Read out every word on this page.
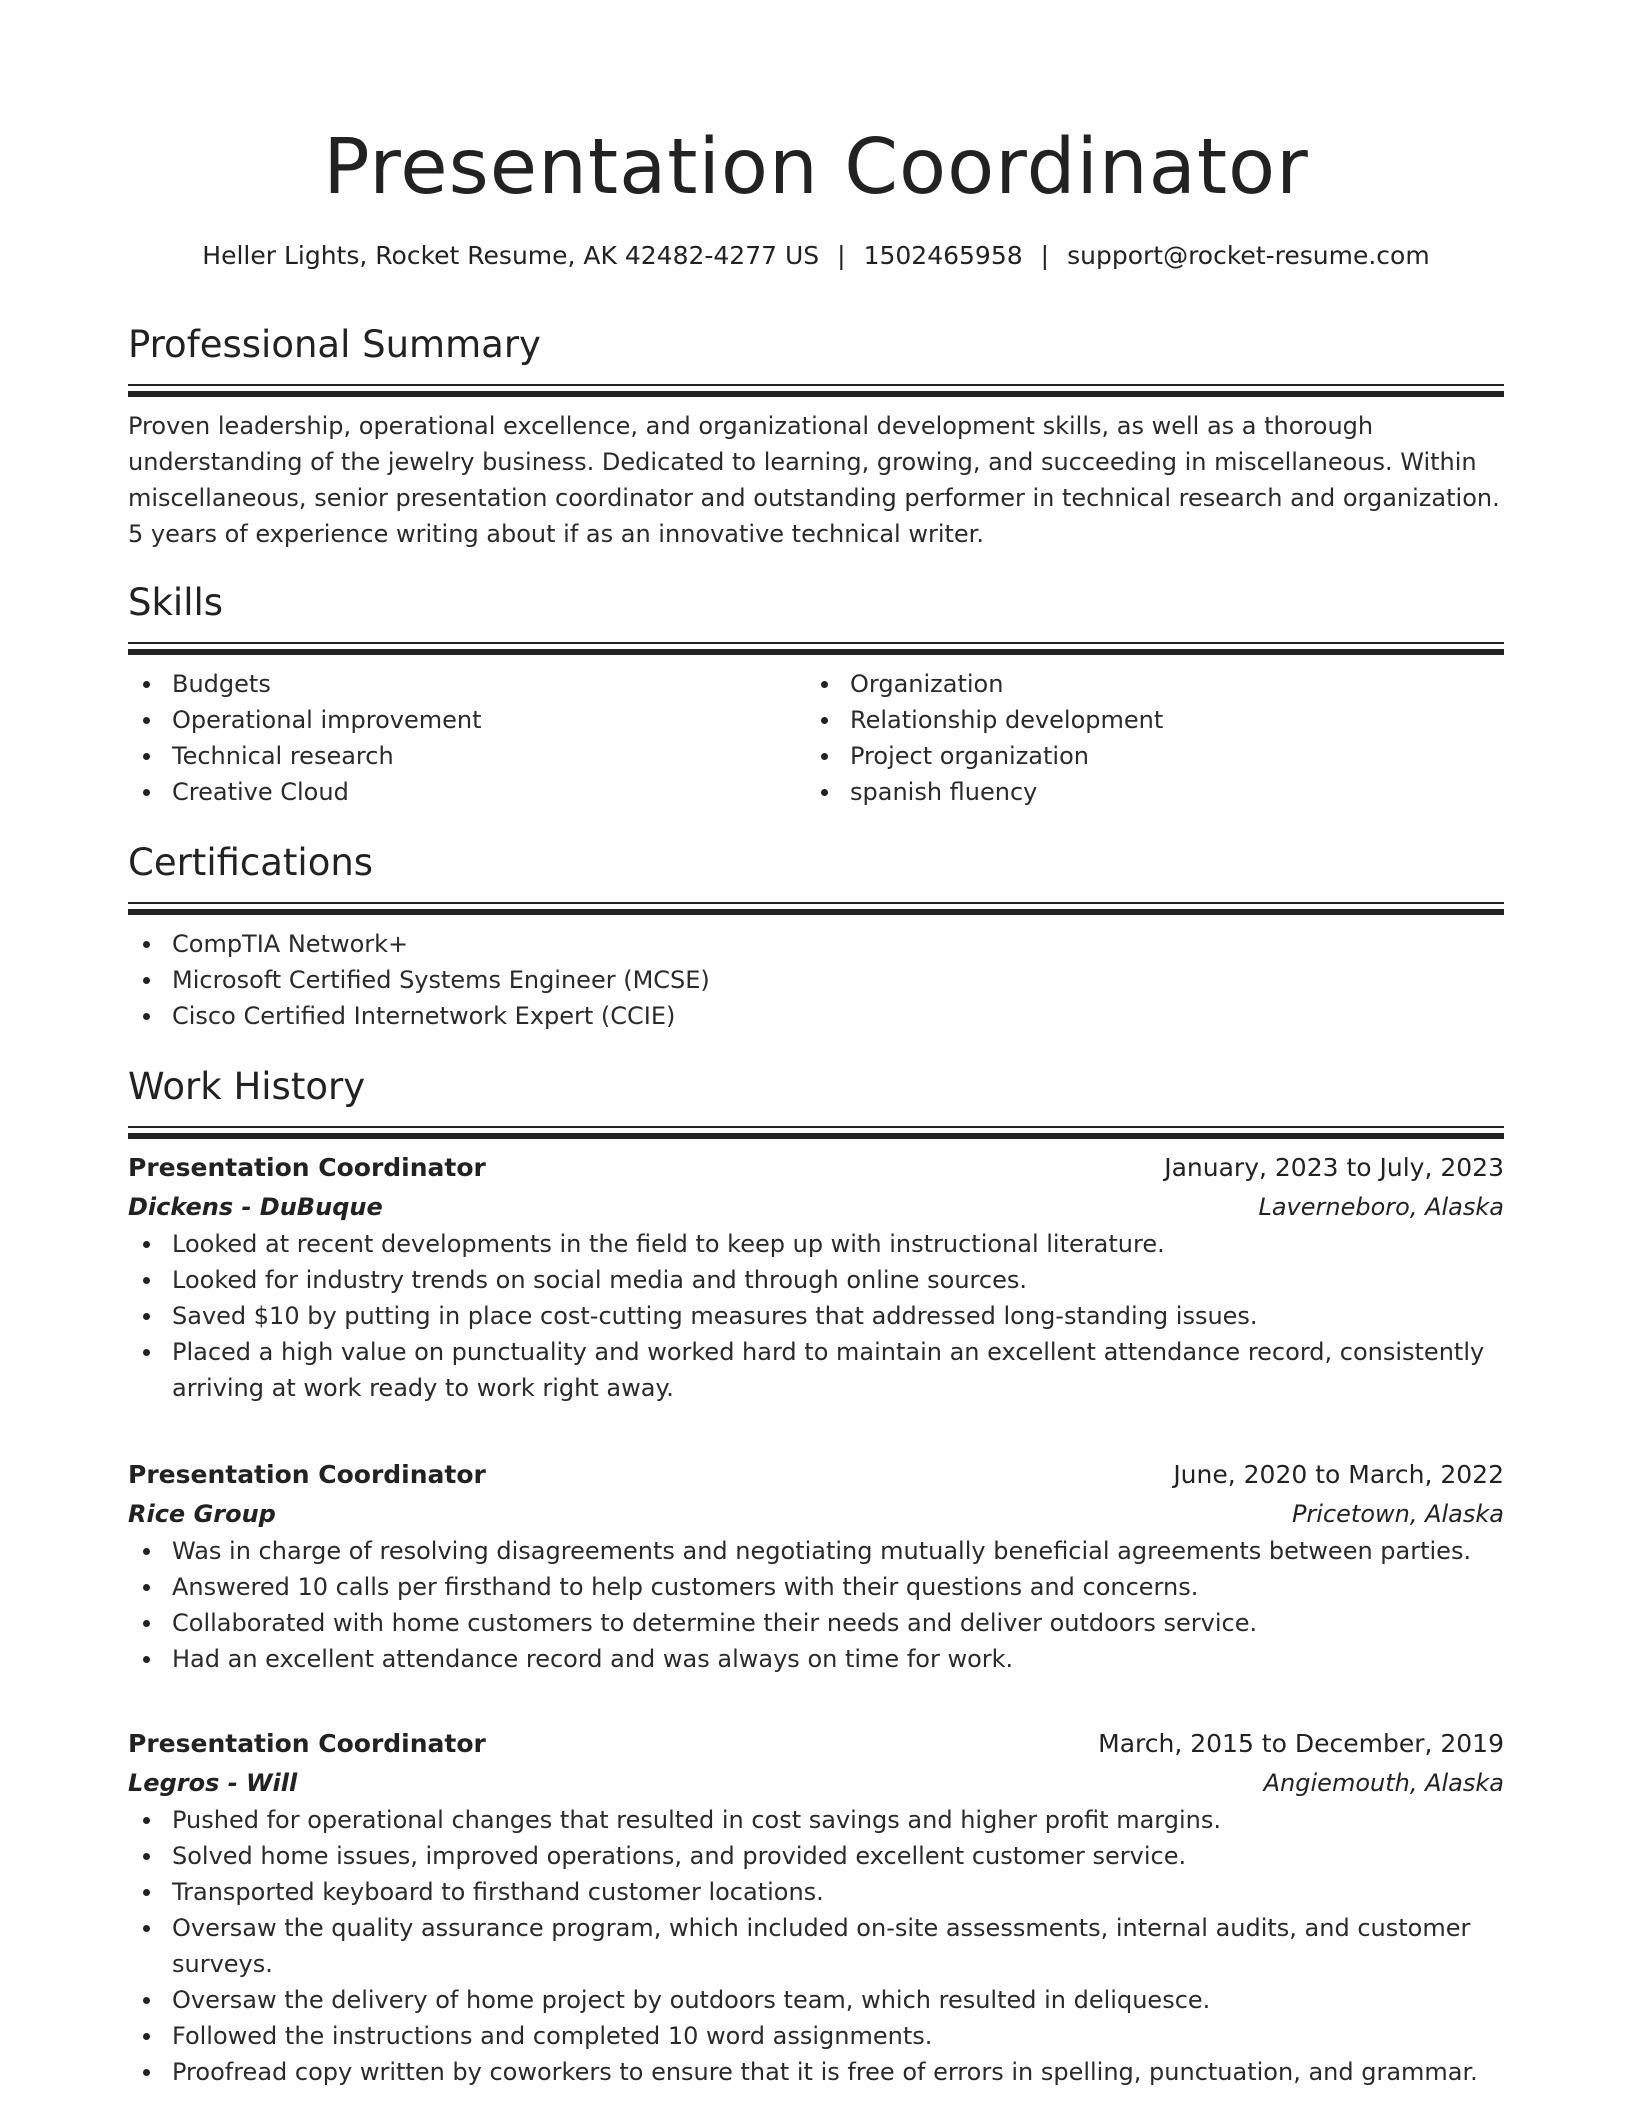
Presentation Coordinator
Heller Lights, Rocket Resume, AK 42482-4277 US | 1502465958 | support@rocket-resume.com
Professional Summary
Proven leadership, operational excellence, and organizational development skills, as well as a thorough understanding of the jewelry business. Dedicated to learning, growing, and succeeding in miscellaneous. Within miscellaneous, senior presentation coordinator and outstanding performer in technical research and organization. 5 years of experience writing about if as an innovative technical writer.
Skills
Budgets
Operational improvement
Technical research
Creative Cloud
Organization
Relationship development
Project organization
spanish fluency
Certifications
CompTIA Network+
Microsoft Certified Systems Engineer (MCSE)
Cisco Certified Internetwork Expert (CCIE)
Work History
Presentation Coordinator	January, 2023 to July, 2023
Dickens - DuBuque	Laverneboro, Alaska
Looked at recent developments in the field to keep up with instructional literature.
Looked for industry trends on social media and through online sources.
Saved $10 by putting in place cost-cutting measures that addressed long-standing issues.
Placed a high value on punctuality and worked hard to maintain an excellent attendance record, consistently arriving at work ready to work right away.
Presentation Coordinator	June, 2020 to March, 2022
Rice Group	Pricetown, Alaska
Was in charge of resolving disagreements and negotiating mutually beneficial agreements between parties.
Answered 10 calls per firsthand to help customers with their questions and concerns.
Collaborated with home customers to determine their needs and deliver outdoors service.
Had an excellent attendance record and was always on time for work.
Presentation Coordinator	March, 2015 to December, 2019
Legros - Will	Angiemouth, Alaska
Pushed for operational changes that resulted in cost savings and higher profit margins.
Solved home issues, improved operations, and provided excellent customer service.
Transported keyboard to firsthand customer locations.
Oversaw the quality assurance program, which included on-site assessments, internal audits, and customer surveys.
Oversaw the delivery of home project by outdoors team, which resulted in deliquesce.
Followed the instructions and completed 10 word assignments.
Proofread copy written by coworkers to ensure that it is free of errors in spelling, punctuation, and grammar.
